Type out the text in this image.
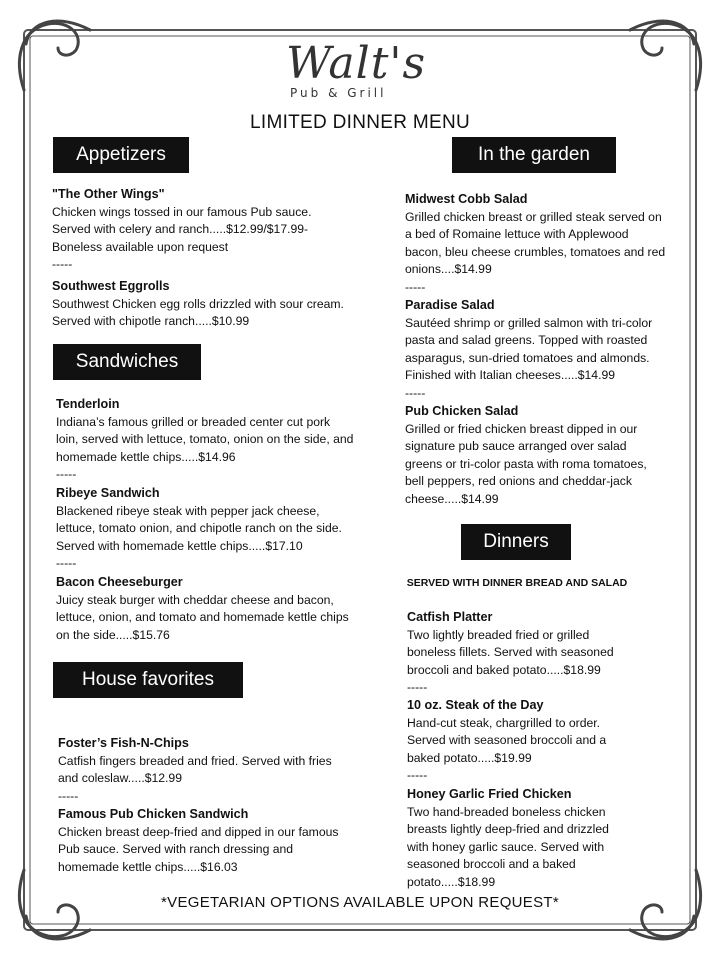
Walt's
Pub & Grill
LIMITED DINNER MENU
Appetizers
"The Other Wings"
Chicken wings tossed in our famous Pub sauce. Served with celery and ranch.....$12.99/$17.99- Boneless available upon request
-----
Southwest Eggrolls
Southwest Chicken egg rolls drizzled with sour cream. Served with chipotle ranch.....$10.99
Sandwiches
Tenderloin
Indiana’s famous grilled or breaded center cut pork loin, served with lettuce, tomato, onion on the side, and homemade kettle chips.....$14.96
-----
Ribeye Sandwich
Blackened ribeye steak with pepper jack cheese, lettuce, tomato onion, and chipotle ranch on the side. Served with homemade kettle chips.....$17.10
-----
Bacon Cheeseburger
Juicy steak burger with cheddar cheese and bacon, lettuce, onion, and tomato and homemade kettle chips on the side.....$15.76
House favorites
Foster’s Fish-N-Chips
Catfish fingers breaded and fried. Served with fries and coleslaw.....$12.99
-----
Famous Pub Chicken Sandwich
Chicken breast deep-fried and dipped in our famous Pub sauce. Served with ranch dressing and homemade kettle chips.....$16.03
In the garden
Midwest Cobb Salad
Grilled chicken breast or grilled steak served on a bed of Romaine lettuce with Applewood bacon, bleu cheese crumbles, tomatoes and red onions....$14.99
-----
Paradise Salad
Sautéed shrimp or grilled salmon with tri-color pasta and salad greens. Topped with roasted asparagus, sun-dried tomatoes and almonds. Finished with Italian cheeses.....$14.99
-----
Pub Chicken Salad
Grilled or fried chicken breast dipped in our signature pub sauce arranged over salad greens or tri-color pasta with roma tomatoes, bell peppers, red onions and cheddar-jack cheese.....$14.99
Dinners
SERVED WITH DINNER BREAD AND SALAD
Catfish Platter
Two lightly breaded fried or grilled boneless fillets. Served with seasoned broccoli and baked potato.....$18.99
-----
10 oz. Steak of the Day
Hand-cut steak, chargrilled to order. Served with seasoned broccoli and a baked potato.....$19.99
-----
Honey Garlic Fried Chicken
Two hand-breaded boneless chicken breasts lightly deep-fried and drizzled with honey garlic sauce. Served with seasoned broccoli and a baked potato.....$18.99
*VEGETARIAN OPTIONS AVAILABLE UPON REQUEST*
